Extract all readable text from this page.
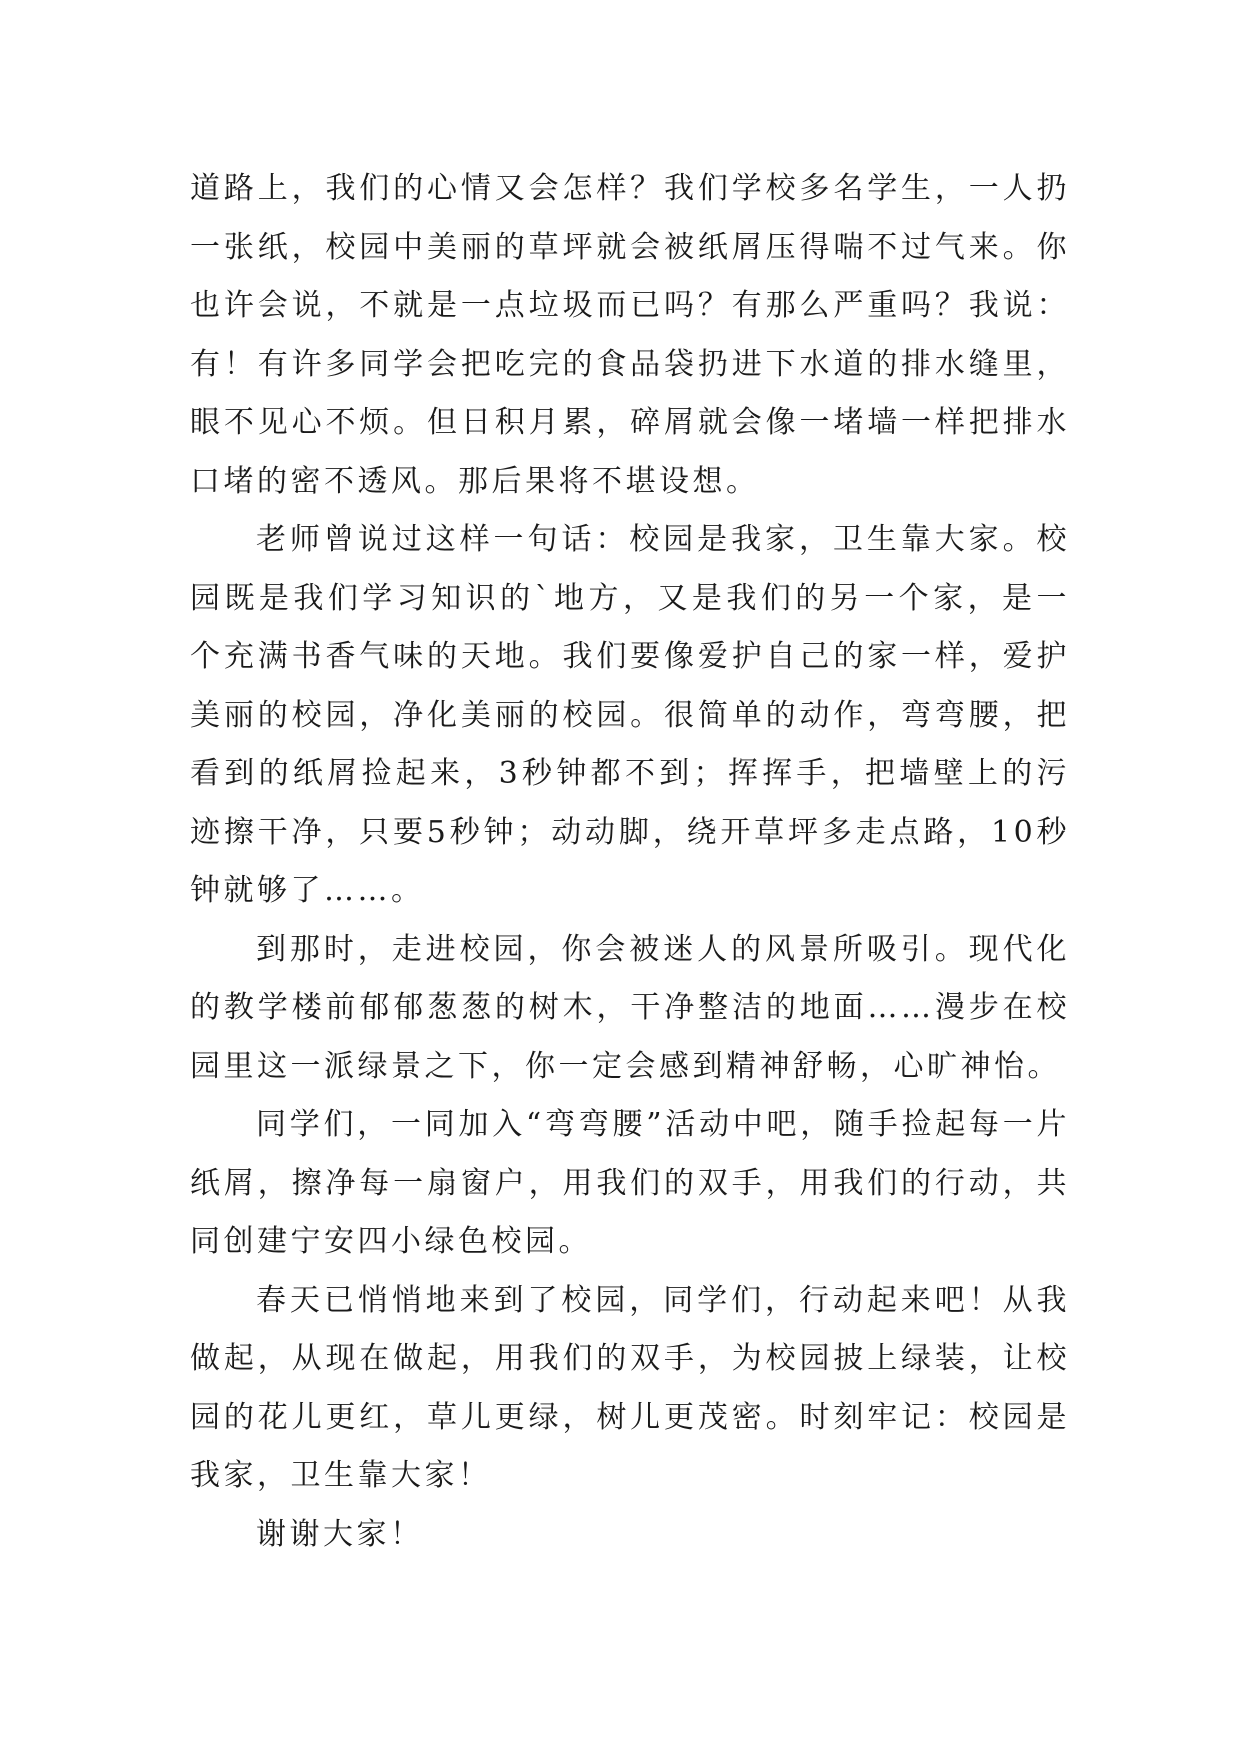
道路上，我们的心情又会怎样？我们学校多名学生，一人扔一张纸，校园中美丽的草坪就会被纸屑压得喘不过气来。你也许会说，不就是一点垃圾而已吗？有那么严重吗？我说：有！有许多同学会把吃完的食品袋扔进下水道的排水缝里，眼不见心不烦。但日积月累，碎屑就会像一堵墙一样把排水口堵的密不透风。那后果将不堪设想。

老师曾说过这样一句话：校园是我家，卫生靠大家。校园既是我们学习知识的`地方，又是我们的另一个家，是一个充满书香气味的天地。我们要像爱护自己的家一样，爱护美丽的校园，净化美丽的校园。很简单的动作，弯弯腰，把看到的纸屑捡起来，3秒钟都不到；挥挥手，把墙壁上的污迹擦干净，只要5秒钟；动动脚，绕开草坪多走点路，10秒钟就够了……。

到那时，走进校园，你会被迷人的风景所吸引。现代化的教学楼前郁郁葱葱的树木，干净整洁的地面……漫步在校园里这一派绿景之下，你一定会感到精神舒畅，心旷神怡。

同学们，一同加入“弯弯腰”活动中吧，随手捡起每一片纸屑，擦净每一扇窗户，用我们的双手，用我们的行动，共同创建宁安四小绿色校园。

春天已悄悄地来到了校园，同学们，行动起来吧！从我做起，从现在做起，用我们的双手，为校园披上绿装，让校园的花儿更红，草儿更绿，树儿更茂密。时刻牢记：校园是我家，卫生靠大家！

谢谢大家！
